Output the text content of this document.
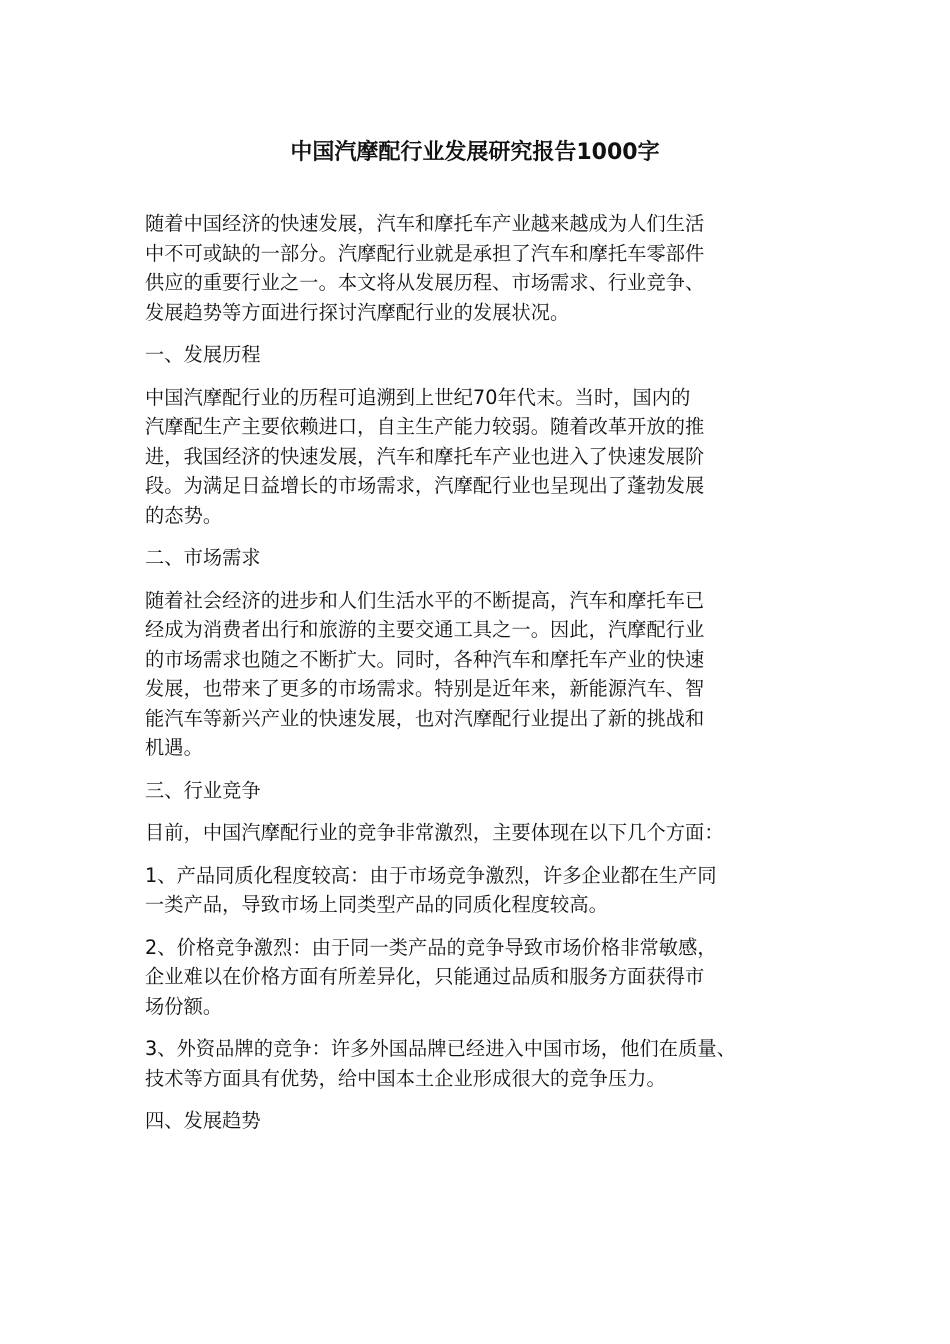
中国汽摩配行业发展研究报告1000字

随着中国经济的快速发展，汽车和摩托车产业越来越成为人们生活
中不可或缺的一部分。汽摩配行业就是承担了汽车和摩托车零部件
供应的重要行业之一。本文将从发展历程、市场需求、行业竞争、
发展趋势等方面进行探讨汽摩配行业的发展状况。

一、发展历程

中国汽摩配行业的历程可追溯到上世纪70年代末。当时，国内的
汽摩配生产主要依赖进口，自主生产能力较弱。随着改革开放的推
进，我国经济的快速发展，汽车和摩托车产业也进入了快速发展阶
段。为满足日益增长的市场需求，汽摩配行业也呈现出了蓬勃发展
的态势。

二、市场需求

随着社会经济的进步和人们生活水平的不断提高，汽车和摩托车已
经成为消费者出行和旅游的主要交通工具之一。因此，汽摩配行业
的市场需求也随之不断扩大。同时，各种汽车和摩托车产业的快速
发展，也带来了更多的市场需求。特别是近年来，新能源汽车、智
能汽车等新兴产业的快速发展，也对汽摩配行业提出了新的挑战和
机遇。

三、行业竞争

目前，中国汽摩配行业的竞争非常激烈，主要体现在以下几个方面：

1、产品同质化程度较高：由于市场竞争激烈，许多企业都在生产同
一类产品，导致市场上同类型产品的同质化程度较高。

2、价格竞争激烈：由于同一类产品的竞争导致市场价格非常敏感，
企业难以在价格方面有所差异化，只能通过品质和服务方面获得市
场份额。

3、外资品牌的竞争：许多外国品牌已经进入中国市场，他们在质量、
技术等方面具有优势，给中国本土企业形成很大的竞争压力。

四、发展趋势
